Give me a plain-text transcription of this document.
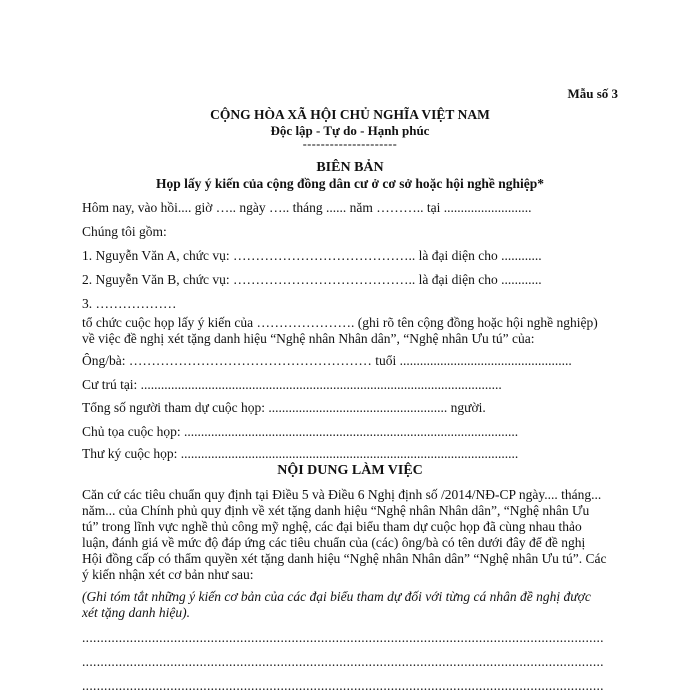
Mẫu số 3
CỘNG HÒA XÃ HỘI CHỦ NGHĨA VIỆT NAM
Độc lập - Tự do - Hạnh phúc
---------------------
BIÊN BẢN
Họp lấy ý kiến của cộng đồng dân cư ở cơ sở hoặc hội nghề nghiệp*
Hôm nay, vào hồi.... giờ ….. ngày ….. tháng ...... năm ……….. tại ..........................
Chúng tôi gồm:
1. Nguyễn Văn A, chức vụ: ………………………………….. là đại diện cho ............
2. Nguyễn Văn B, chức vụ: ………………………………….. là đại diện cho ............
3. ………………
tổ chức cuộc họp lấy ý kiến của …………………. (ghi rõ tên cộng đồng hoặc hội nghề nghiệp)
về việc đề nghị xét tặng danh hiệu “Nghệ nhân Nhân dân”, “Nghệ nhân Ưu tú” của:
Ông/bà: ……………………………………………… tuổi ...................................................
Cư trú tại: ...........................................................................................................
Tổng số người tham dự cuộc họp: ..................................................... người.
Chủ tọa cuộc họp: ...................................................................................................
Thư ký cuộc họp: ....................................................................................................
NỘI DUNG LÀM VIỆC
Căn cứ các tiêu chuẩn quy định tại Điều 5 và Điều 6 Nghị định số /2014/NĐ-CP ngày.... tháng...
năm... của Chính phủ quy định về xét tặng danh hiệu “Nghệ nhân Nhân dân”, “Nghệ nhân Ưu
tú” trong lĩnh vực nghề thủ công mỹ nghệ, các đại biểu tham dự cuộc họp đã cùng nhau thảo
luận, đánh giá về mức độ đáp ứng các tiêu chuẩn của (các) ông/bà có tên dưới đây để đề nghị
Hội đồng cấp có thẩm quyền xét tặng danh hiệu “Nghệ nhân Nhân dân” “Nghệ nhân Ưu tú”. Các
ý kiến nhận xét cơ bản như sau:
(Ghi tóm tắt những ý kiến cơ bản của các đại biểu tham dự đối với từng cá nhân đề nghị được
xét tặng danh hiệu).
..............................................................................................................................................
..............................................................................................................................................
..............................................................................................................................................
